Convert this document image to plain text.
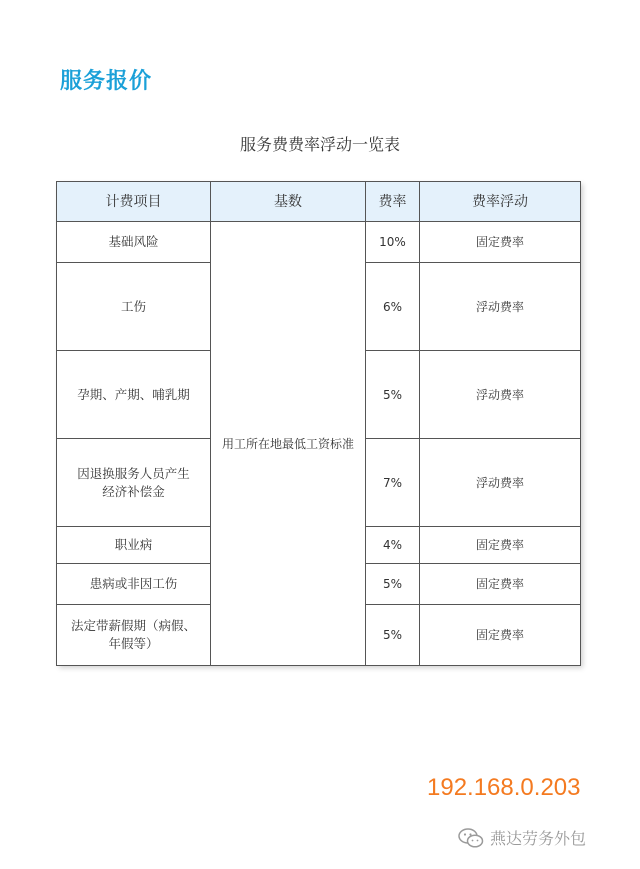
服务报价
服务费费率浮动一览表
计费项目	基数	费率	费率浮动
基础风险	用工所在地最低工资标准	10%	固定费率
工伤		6%	浮动费率
孕期、产期、哺乳期		5%	浮动费率
因退换服务人员产生
经济补偿金		7%	浮动费率
职业病		4%	固定费率
患病或非因工伤		5%	固定费率
法定带薪假期（病假、
年假等）		5%	固定费率
192.168.0.203
燕达劳务外包
